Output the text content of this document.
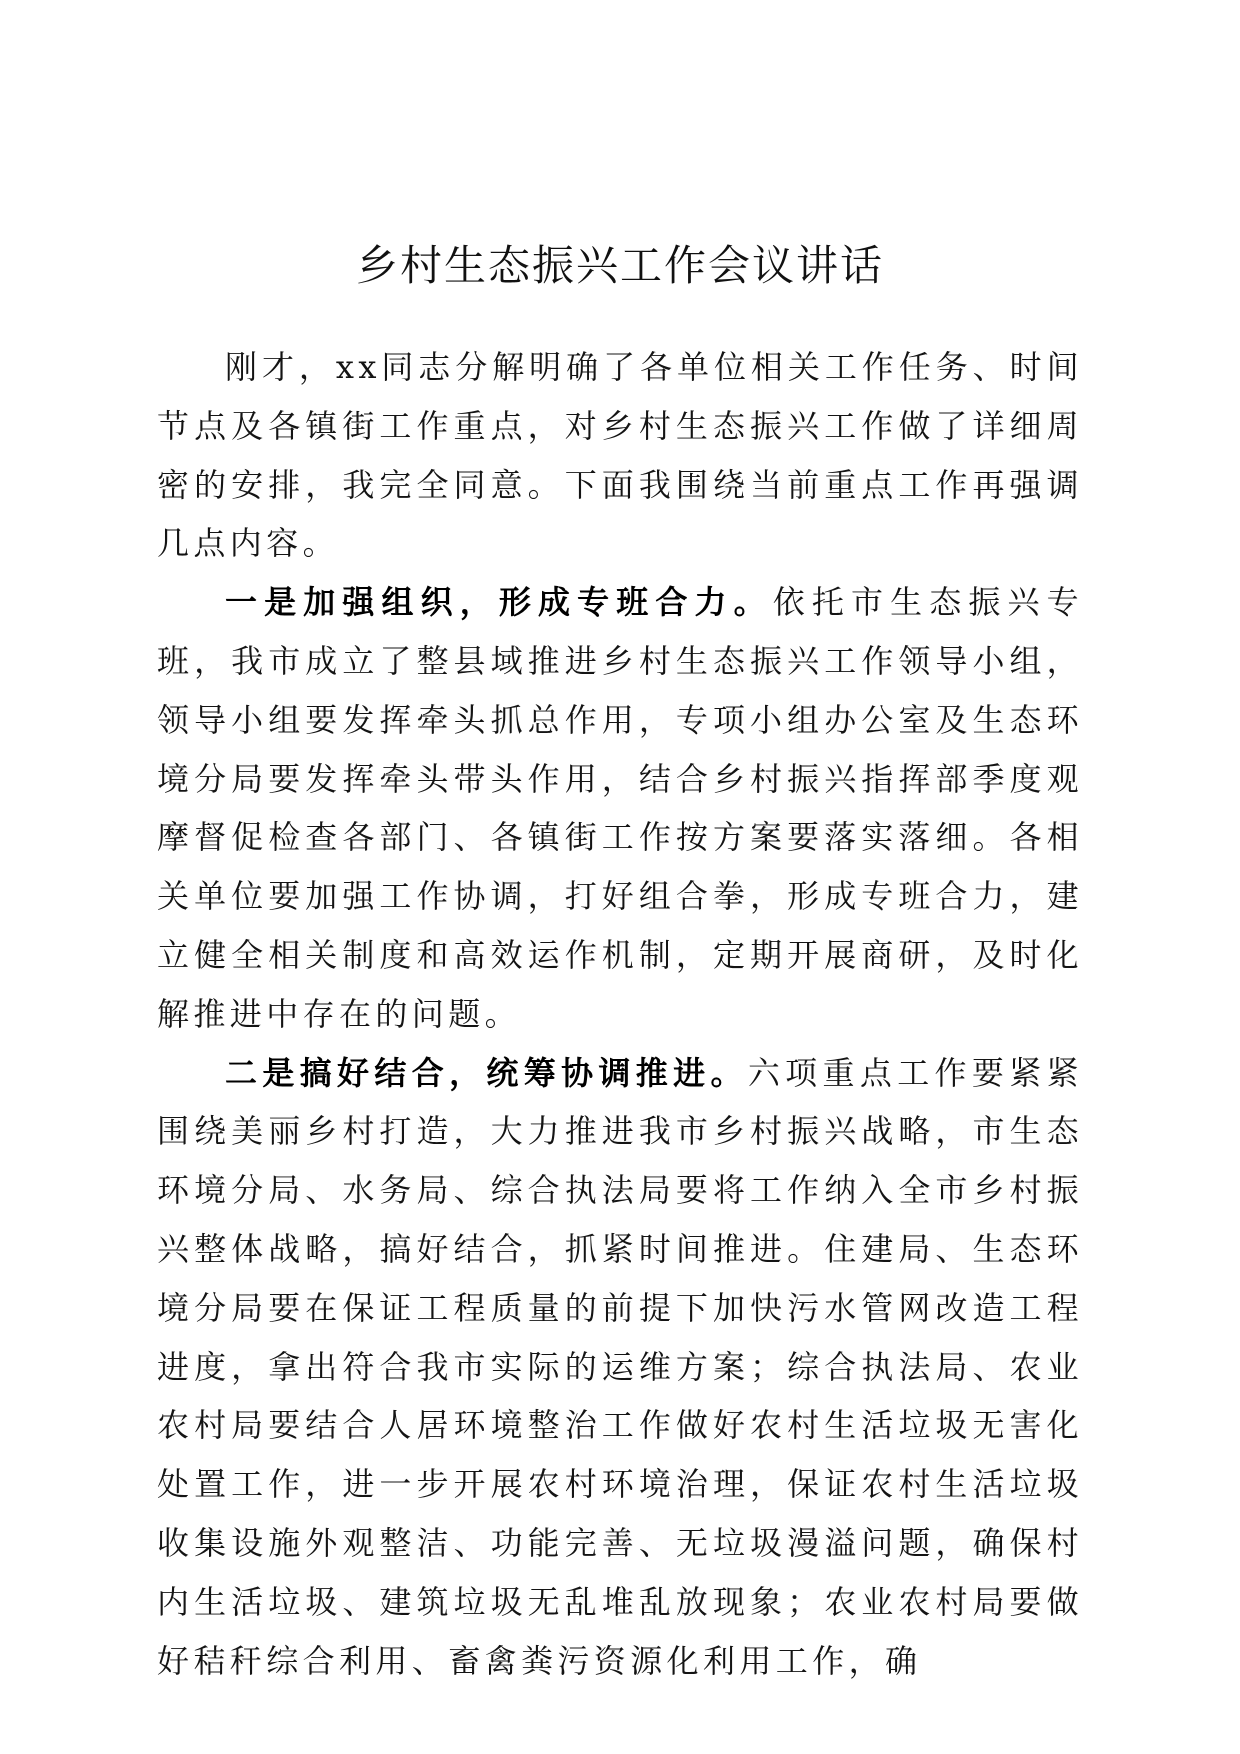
乡村生态振兴工作会议讲话

刚才，xx同志分解明确了各单位相关工作任务、时间节点及各镇街工作重点，对乡村生态振兴工作做了详细周密的安排，我完全同意。下面我围绕当前重点工作再强调几点内容。

一是加强组织，形成专班合力。依托市生态振兴专班，我市成立了整县域推进乡村生态振兴工作领导小组，领导小组要发挥牵头抓总作用，专项小组办公室及生态环境分局要发挥牵头带头作用，结合乡村振兴指挥部季度观摩督促检查各部门、各镇街工作按方案要落实落细。各相关单位要加强工作协调，打好组合拳，形成专班合力，建立健全相关制度和高效运作机制，定期开展商研，及时化解推进中存在的问题。

二是搞好结合，统筹协调推进。六项重点工作要紧紧围绕美丽乡村打造，大力推进我市乡村振兴战略，市生态环境分局、水务局、综合执法局要将工作纳入全市乡村振兴整体战略，搞好结合，抓紧时间推进。住建局、生态环境分局要在保证工程质量的前提下加快污水管网改造工程进度，拿出符合我市实际的运维方案；综合执法局、农业农村局要结合人居环境整治工作做好农村生活垃圾无害化处置工作，进一步开展农村环境治理，保证农村生活垃圾收集设施外观整洁、功能完善、无垃圾漫溢问题，确保村内生活垃圾、建筑垃圾无乱堆乱放现象；农业农村局要做好秸秆综合利用、畜禽粪污资源化利用工作，确
